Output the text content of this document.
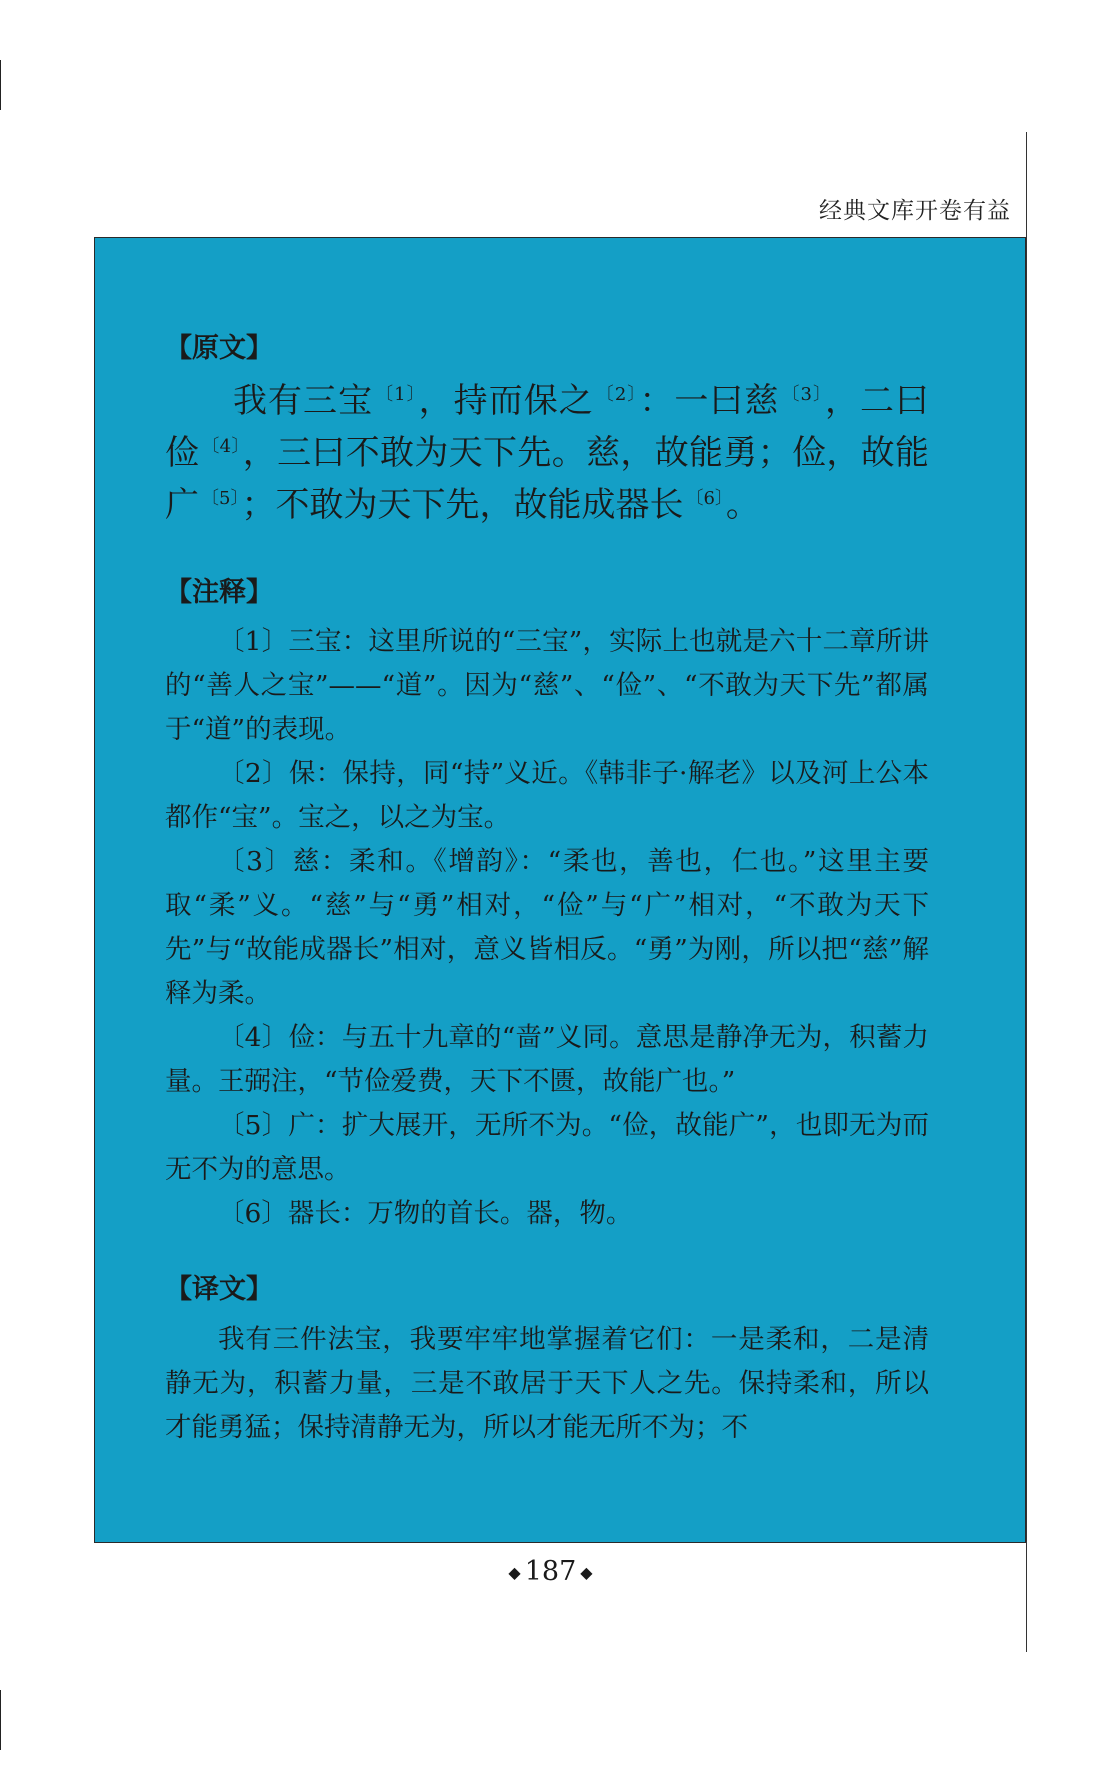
经典文库开卷有益
【原文】

我有三宝 $^{〔1〕}$，持而保之 $^{〔2〕}$：一曰慈 $^{〔3〕}$，二曰俭 $^{〔4〕}$，三曰不敢为天下先。慈，故能勇；俭，故能广 $^{〔5〕}$；不敢为天下先，故能成器长 $^{〔6〕}$。

【注释】

〔1〕三宝：这里所说的“三宝”，实际上也就是六十二章所讲的“善人之宝”——“道”。因为“慈”、“俭”、“不敢为天下先”都属于“道”的表现。

〔2〕保：保持，同“持”义近。《韩非子·解老》以及河上公本都作“宝”。宝之，以之为宝。

〔3〕慈：柔和。《增韵》：“柔也，善也，仁也。”这里主要取“柔”义。“慈”与“勇”相对，“俭”与“广”相对，“不敢为天下先”与“故能成器长”相对，意义皆相反。“勇”为刚，所以把“慈”解释为柔。

〔4〕俭：与五十九章的“啬”义同。意思是静净无为，积蓄力量。王弼注，“节俭爱费，天下不匮，故能广也。”

〔5〕广：扩大展开，无所不为。“俭，故能广”，也即无为而无不为的意思。

〔6〕器长：万物的首长。器，物。

【译文】

我有三件法宝，我要牢牢地掌握着它们：一是柔和，二是清静无为，积蓄力量，三是不敢居于天下人之先。保持柔和，所以才能勇猛；保持清静无为，所以才能无所不为；不

◆ 187 ◆
